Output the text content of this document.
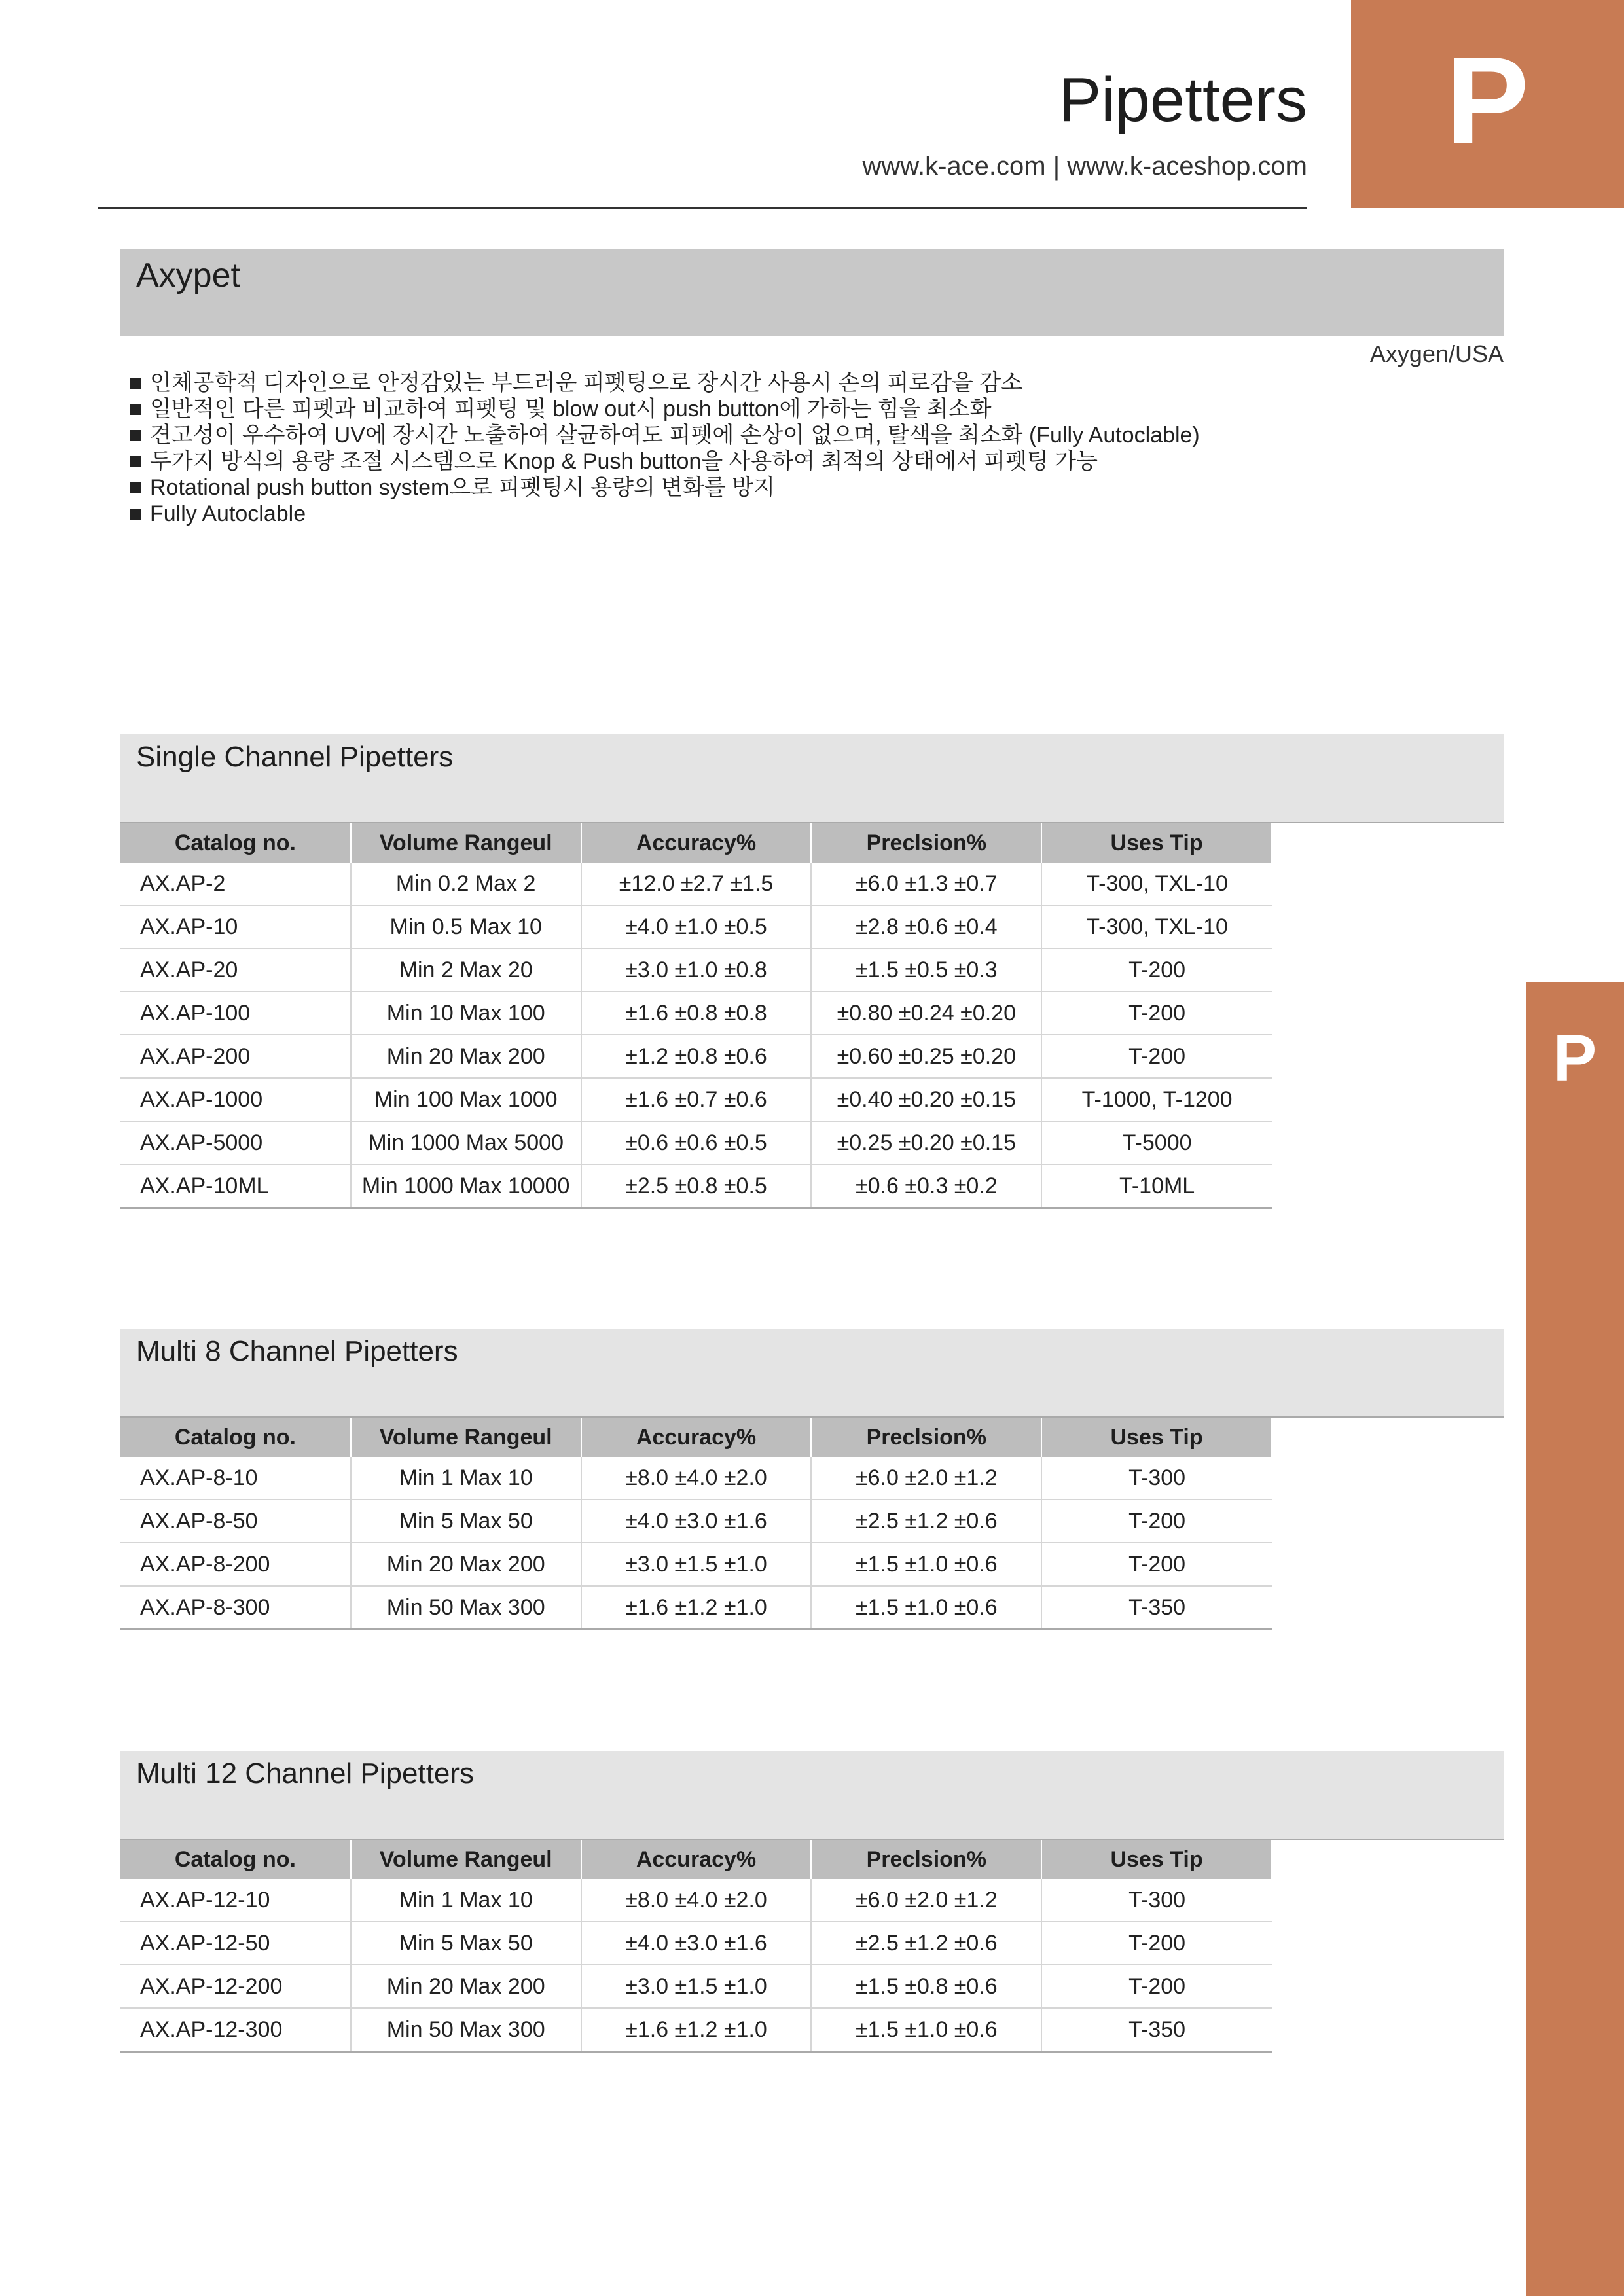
Pipetters
www.k-ace.com | www.k-aceshop.com	P
P
Axypet
Axygen/USA
인체공학적 디자인으로 안정감있는 부드러운 피펫팅으로 장시간 사용시 손의 피로감을 감소
일반적인 다른 피펫과 비교하여 피펫팅 및 blow out시 push button에 가하는 힘을 최소화
견고성이 우수하여 UV에 장시간 노출하여 살균하여도 피펫에 손상이 없으며, 탈색을 최소화 (Fully Autoclable)
두가지 방식의 용량 조절 시스템으로 Knop & Push button을 사용하여 최적의 상태에서 피펫팅 가능
Rotational push button system으로 피펫팅시 용량의 변화를 방지
Fully Autoclable
Single Channel Pipetters
Catalog no.	Volume Rangeul	Accuracy%	Preclsion%	Uses Tip
AX.AP-2	Min 0.2 Max 2	±12.0 ±2.7 ±1.5	±6.0 ±1.3 ±0.7	T-300, TXL-10
AX.AP-10	Min 0.5 Max 10	±4.0 ±1.0 ±0.5	±2.8 ±0.6 ±0.4	T-300, TXL-10
AX.AP-20	Min 2 Max 20	±3.0 ±1.0 ±0.8	±1.5 ±0.5 ±0.3	T-200
AX.AP-100	Min 10 Max 100	±1.6 ±0.8 ±0.8	±0.80 ±0.24 ±0.20	T-200
AX.AP-200	Min 20 Max 200	±1.2 ±0.8 ±0.6	±0.60 ±0.25 ±0.20	T-200
AX.AP-1000	Min 100 Max 1000	±1.6 ±0.7 ±0.6	±0.40 ±0.20 ±0.15	T-1000, T-1200
AX.AP-5000	Min 1000 Max 5000	±0.6 ±0.6 ±0.5	±0.25 ±0.20 ±0.15	T-5000
AX.AP-10ML	Min 1000 Max 10000	±2.5 ±0.8 ±0.5	±0.6 ±0.3 ±0.2	T-10ML
Multi 8 Channel Pipetters
Catalog no.	Volume Rangeul	Accuracy%	Preclsion%	Uses Tip
AX.AP-8-10	Min 1 Max 10	±8.0 ±4.0 ±2.0	±6.0 ±2.0 ±1.2	T-300
AX.AP-8-50	Min 5 Max 50	±4.0 ±3.0 ±1.6	±2.5 ±1.2 ±0.6	T-200
AX.AP-8-200	Min 20 Max 200	±3.0 ±1.5 ±1.0	±1.5 ±1.0 ±0.6	T-200
AX.AP-8-300	Min 50 Max 300	±1.6 ±1.2 ±1.0	±1.5 ±1.0 ±0.6	T-350
Multi 12 Channel Pipetters
Catalog no.	Volume Rangeul	Accuracy%	Preclsion%	Uses Tip
AX.AP-12-10	Min 1 Max 10	±8.0 ±4.0 ±2.0	±6.0 ±2.0 ±1.2	T-300
AX.AP-12-50	Min 5 Max 50	±4.0 ±3.0 ±1.6	±2.5 ±1.2 ±0.6	T-200
AX.AP-12-200	Min 20 Max 200	±3.0 ±1.5 ±1.0	±1.5 ±0.8 ±0.6	T-200
AX.AP-12-300	Min 50 Max 300	±1.6 ±1.2 ±1.0	±1.5 ±1.0 ±0.6	T-350
